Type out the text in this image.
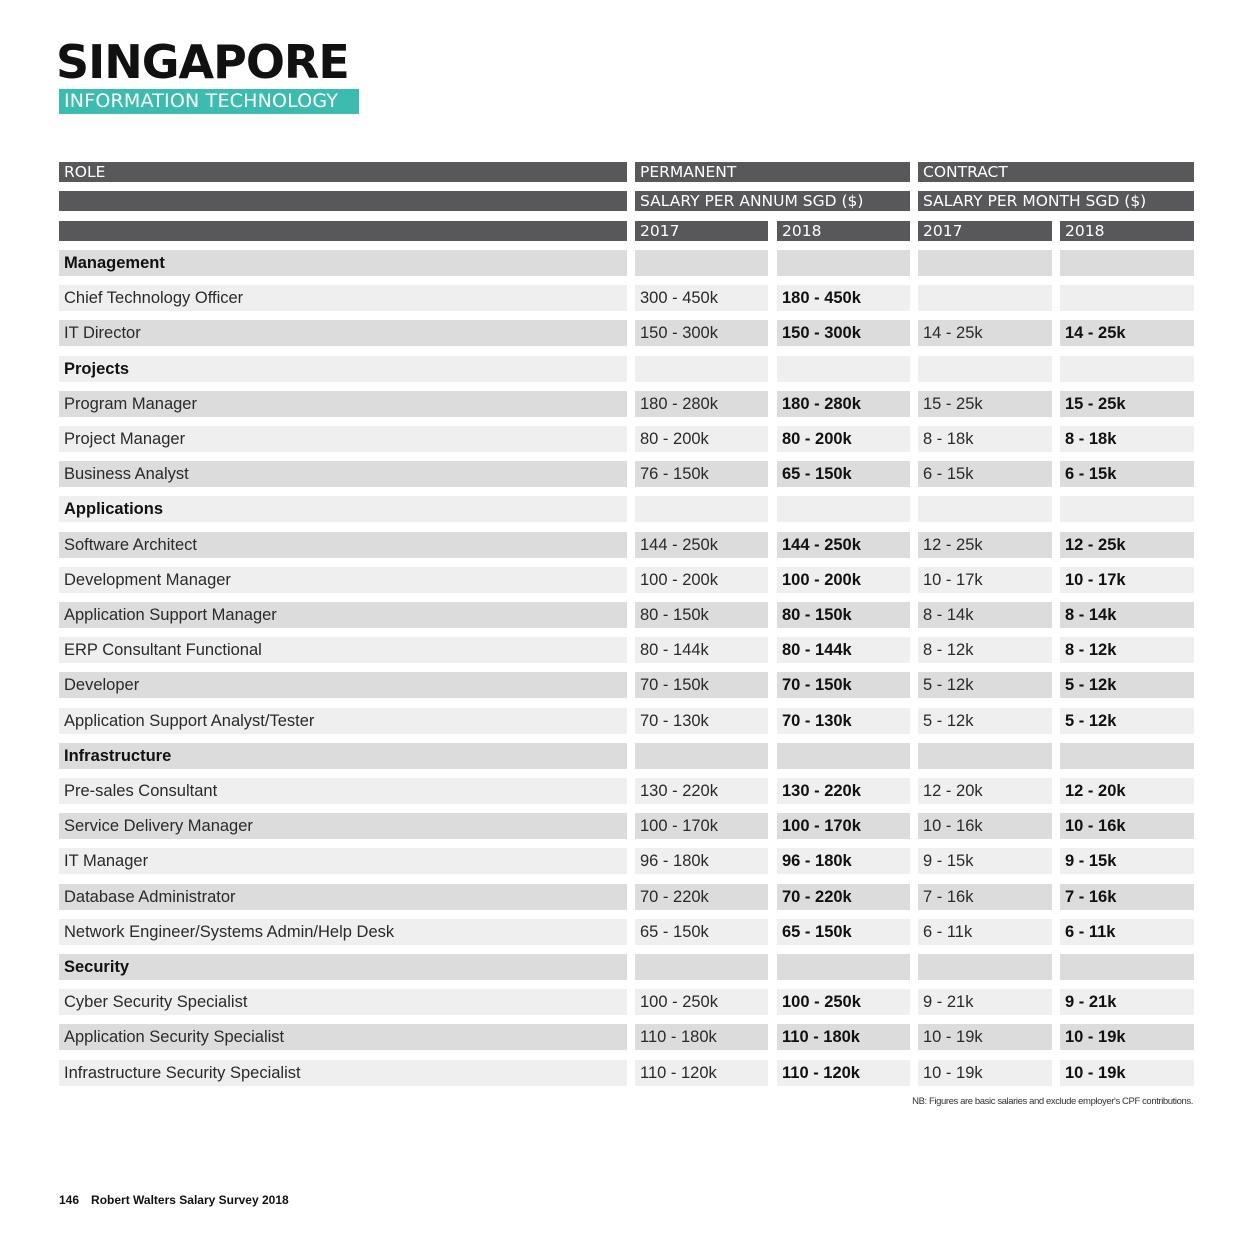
SINGAPORE
INFORMATION TECHNOLOGY
ROLE	PERMANENT	CONTRACT
SALARY PER ANNUM SGD ($)	SALARY PER MONTH SGD ($)
2017	2018	2017	2018
Management
Chief Technology Officer	300 - 450k	180 - 450k
IT Director	150 - 300k	150 - 300k	14 - 25k	14 - 25k
Projects
Program Manager	180 - 280k	180 - 280k	15 - 25k	15 - 25k
Project Manager	80 - 200k	80 - 200k	8 - 18k	8 - 18k
Business Analyst	76 - 150k	65 - 150k	6 - 15k	6 - 15k
Applications
Software Architect	144 - 250k	144 - 250k	12 - 25k	12 - 25k
Development Manager	100 - 200k	100 - 200k	10 - 17k	10 - 17k
Application Support Manager	80 - 150k	80 - 150k	8 - 14k	8 - 14k
ERP Consultant Functional	80 - 144k	80 - 144k	8 - 12k	8 - 12k
Developer	70 - 150k	70 - 150k	5 - 12k	5 - 12k
Application Support Analyst/Tester	70 - 130k	70 - 130k	5 - 12k	5 - 12k
Infrastructure
Pre-sales Consultant	130 - 220k	130 - 220k	12 - 20k	12 - 20k
Service Delivery Manager	100 - 170k	100 - 170k	10 - 16k	10 - 16k
IT Manager	96 - 180k	96 - 180k	9 - 15k	9 - 15k
Database Administrator	70 - 220k	70 - 220k	7 - 16k	7 - 16k
Network Engineer/Systems Admin/Help Desk	65 - 150k	65 - 150k	6 - 11k	6 - 11k
Security
Cyber Security Specialist	100 - 250k	100 - 250k	9 - 21k	9 - 21k
Application Security Specialist	110 - 180k	110 - 180k	10 - 19k	10 - 19k
Infrastructure Security Specialist	110 - 120k	110 - 120k	10 - 19k	10 - 19k
NB: Figures are basic salaries and exclude employer's CPF contributions.
146 Robert Walters Salary Survey 2018
